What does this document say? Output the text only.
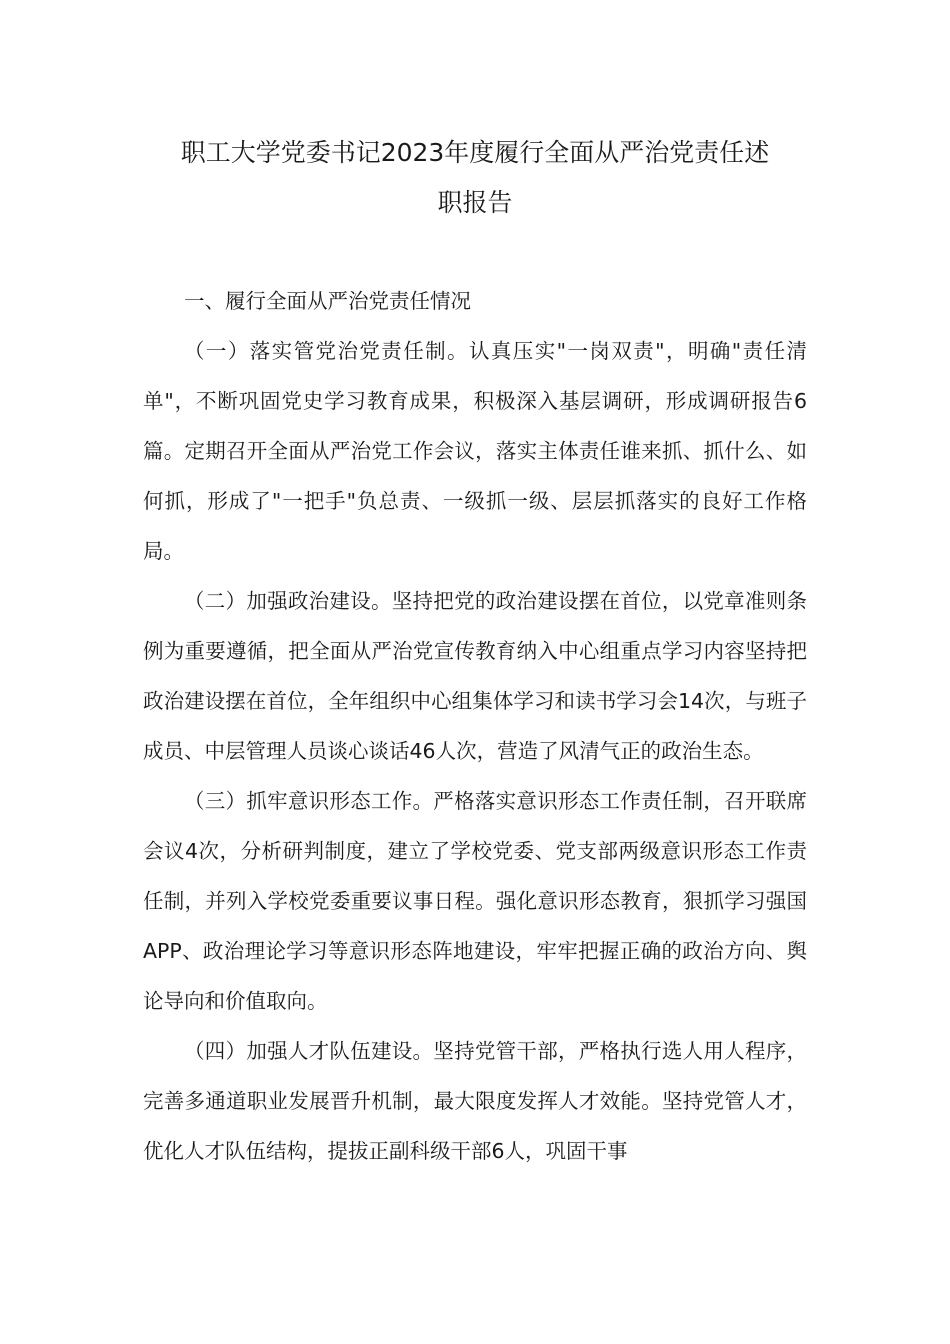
职工大学党委书记2023年度履行全面从严治党责任述
职报告

一、履行全面从严治党责任情况

（一）落实管党治党责任制。认真压实"一岗双责"，明确"责任清单"，不断巩固党史学习教育成果，积极深入基层调研，形成调研报告6篇。定期召开全面从严治党工作会议，落实主体责任谁来抓、抓什么、如何抓，形成了"一把手"负总责、一级抓一级、层层抓落实的良好工作格局。

（二）加强政治建设。坚持把党的政治建设摆在首位，以党章准则条例为重要遵循，把全面从严治党宣传教育纳入中心组重点学习内容坚持把政治建设摆在首位，全年组织中心组集体学习和读书学习会14次，与班子成员、中层管理人员谈心谈话46人次，营造了风清气正的政治生态。

（三）抓牢意识形态工作。严格落实意识形态工作责任制，召开联席会议4次，分析研判制度，建立了学校党委、党支部两级意识形态工作责任制，并列入学校党委重要议事日程。强化意识形态教育，狠抓学习强国APP、政治理论学习等意识形态阵地建设，牢牢把握正确的政治方向、舆论导向和价值取向。

（四）加强人才队伍建设。坚持党管干部，严格执行选人用人程序，完善多通道职业发展晋升机制，最大限度发挥人才效能。坚持党管人才，优化人才队伍结构，提拔正副科级干部6人，巩固干事
